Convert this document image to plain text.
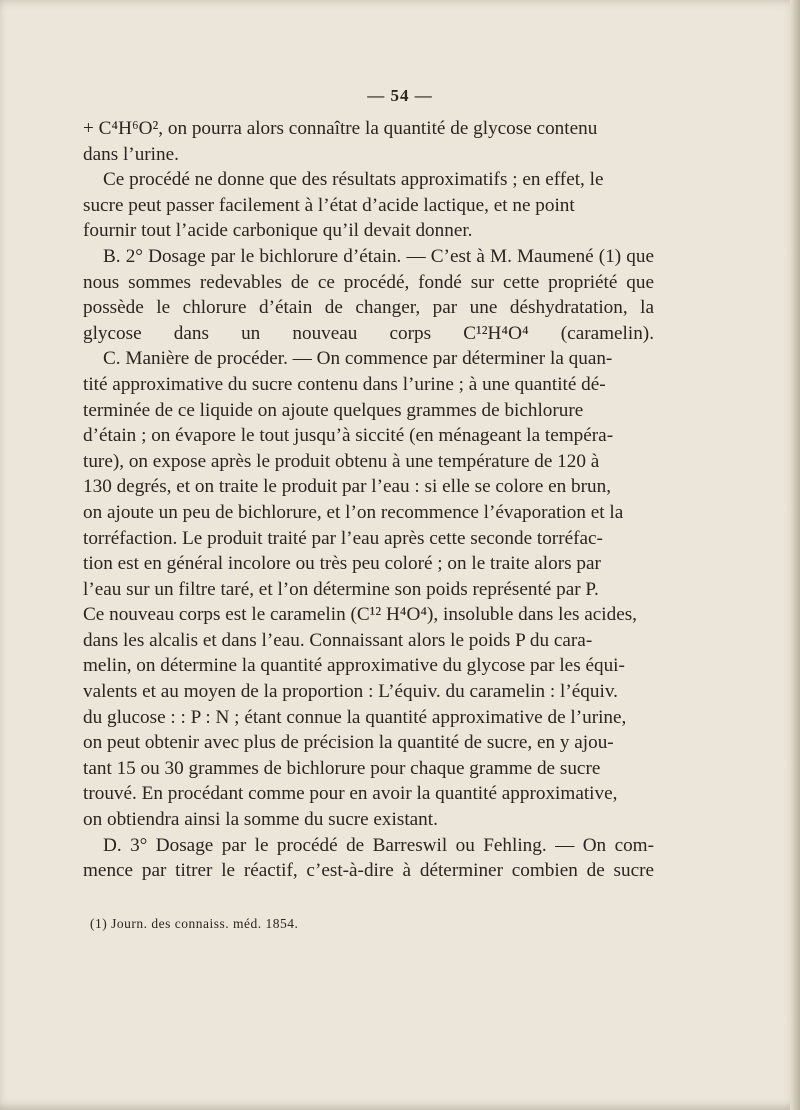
— 54 —

+ C⁴H⁶O², on pourra alors connaître la quantité de glycose contenu
dans l’urine.

Ce procédé ne donne que des résultats approximatifs ; en effet, le
sucre peut passer facilement à l’état d’acide lactique, et ne point
fournir tout l’acide carbonique qu’il devait donner.

B. 2° Dosage par le bichlorure d’étain. — C’est à M. Maumené (1) que
nous sommes redevables de ce procédé, fondé sur cette propriété que
possède le chlorure d’étain de changer, par une déshydratation, la
glycose dans un nouveau corps C¹²H⁴O⁴ (caramelin).

C. Manière de procéder. — On commence par déterminer la quan-
tité approximative du sucre contenu dans l’urine ; à une quantité dé-
terminée de ce liquide on ajoute quelques grammes de bichlorure
d’étain ; on évapore le tout jusqu’à siccité (en ménageant la tempéra-
ture), on expose après le produit obtenu à une température de 120 à
130 degrés, et on traite le produit par l’eau : si elle se colore en brun,
on ajoute un peu de bichlorure, et l’on recommence l’évaporation et la
torréfaction. Le produit traité par l’eau après cette seconde torréfac-
tion est en général incolore ou très peu coloré ; on le traite alors par
l’eau sur un filtre taré, et l’on détermine son poids représenté par P.
Ce nouveau corps est le caramelin (C¹² H⁴O⁴), insoluble dans les acides,
dans les alcalis et dans l’eau. Connaissant alors le poids P du cara-
melin, on détermine la quantité approximative du glycose par les équi-
valents et au moyen de la proportion : L’équiv. du caramelin : l’équiv.
du glucose : : P : N ; étant connue la quantité approximative de l’urine,
on peut obtenir avec plus de précision la quantité de sucre, en y ajou-
tant 15 ou 30 grammes de bichlorure pour chaque gramme de sucre
trouvé. En procédant comme pour en avoir la quantité approximative,
on obtiendra ainsi la somme du sucre existant.

D. 3° Dosage par le procédé de Barreswil ou Fehling. — On com-
mence par titrer le réactif, c’est-à-dire à déterminer combien de sucre

(1) Journ. des connaiss. méd. 1854.
